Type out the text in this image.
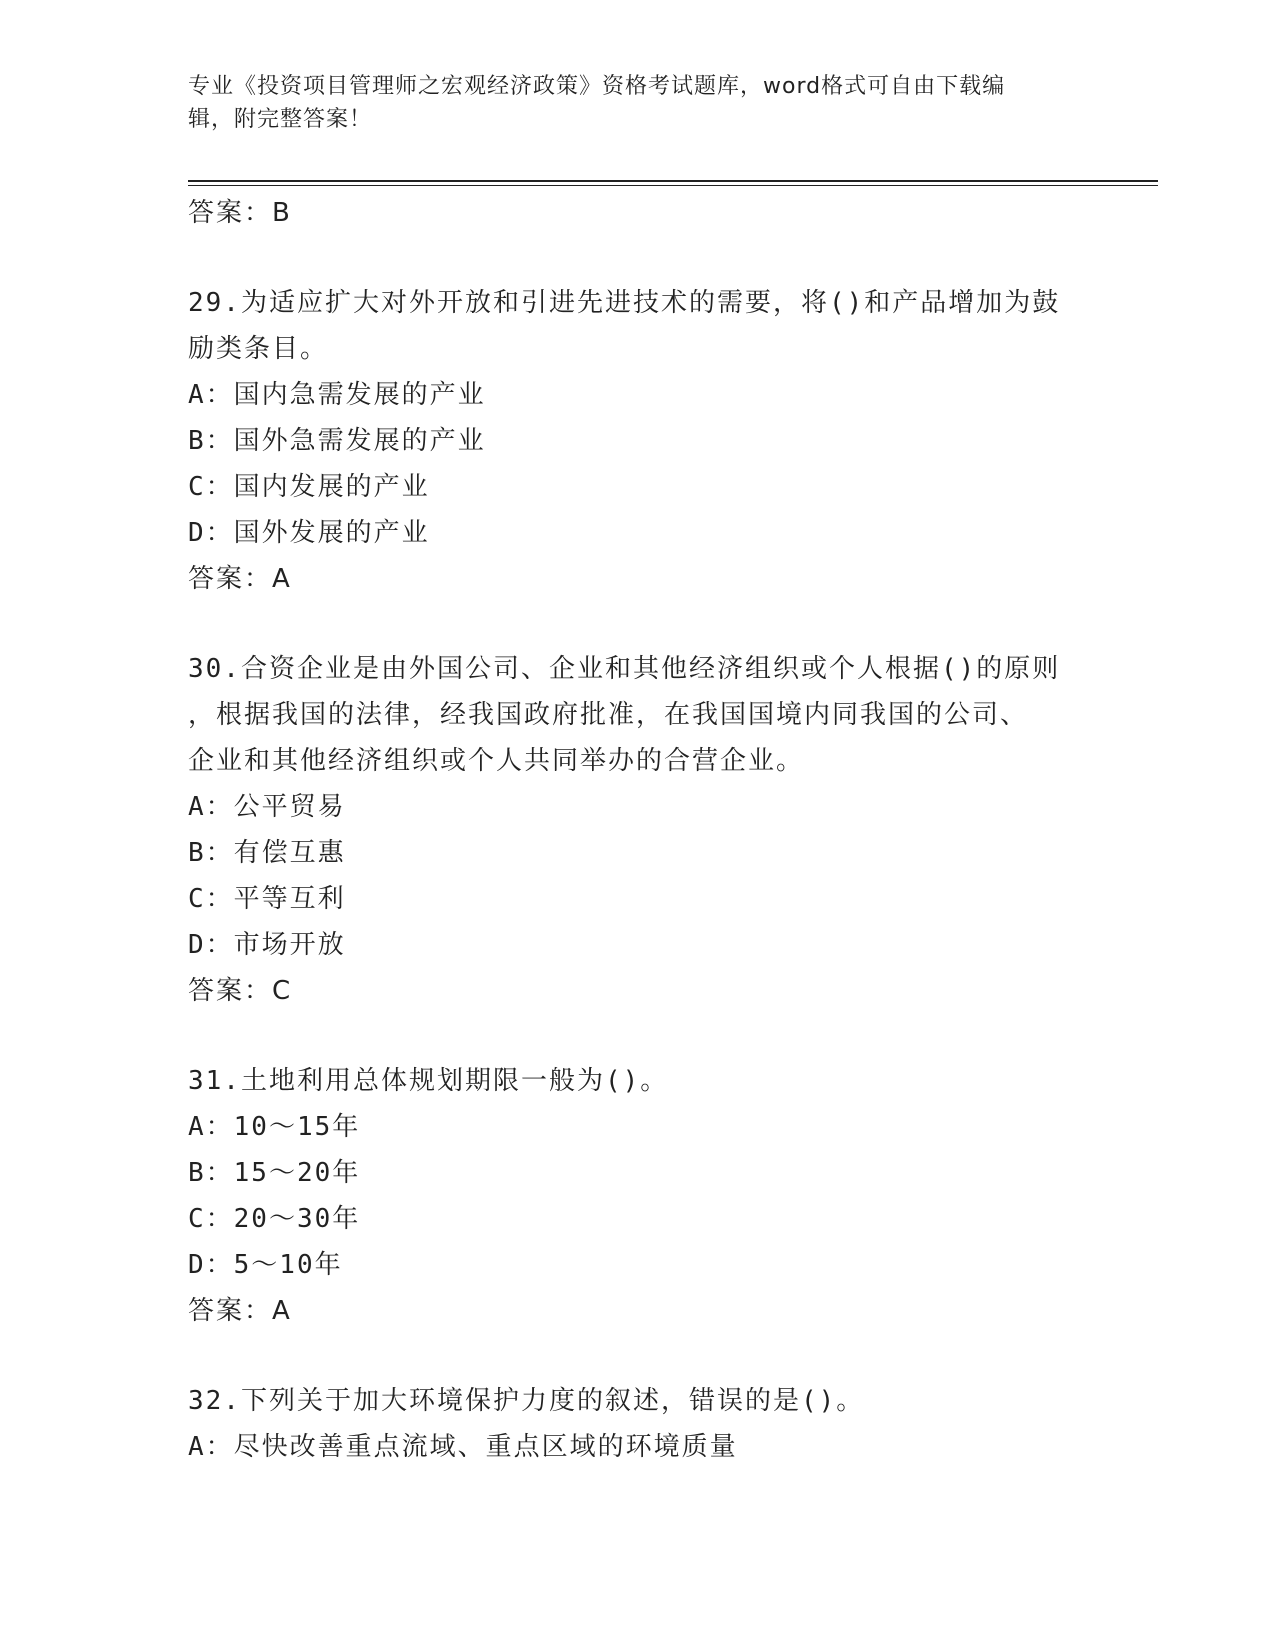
专业《投资项目管理师之宏观经济政策》资格考试题库，word格式可自由下载编
辑，附完整答案！
答案：B
29.为适应扩大对外开放和引进先进技术的需要，将()和产品增加为鼓
励类条目。
A：国内急需发展的产业
B：国外急需发展的产业
C：国内发展的产业
D：国外发展的产业
答案：A
30.合资企业是由外国公司、企业和其他经济组织或个人根据()的原则
，根据我国的法律，经我国政府批准，在我国国境内同我国的公司、
企业和其他经济组织或个人共同举办的合营企业。
A：公平贸易
B：有偿互惠
C：平等互利
D：市场开放
答案：C
31.土地利用总体规划期限一般为()。
A：10～15年
B：15～20年
C：20～30年
D：5～10年
答案：A
32.下列关于加大环境保护力度的叙述，错误的是()。
A：尽快改善重点流域、重点区域的环境质量
